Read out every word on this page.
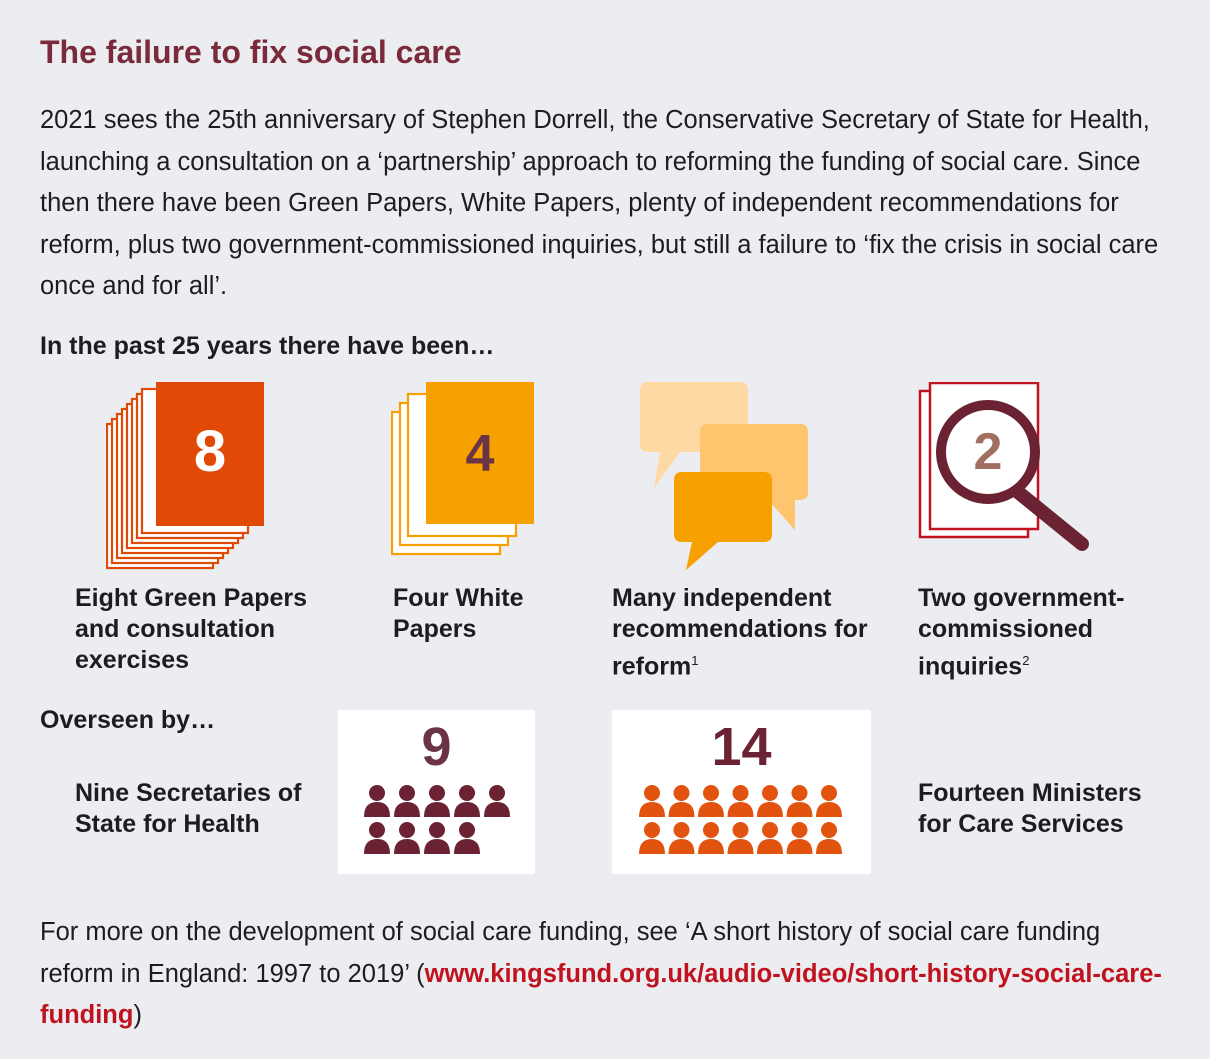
The failure to fix social care

2021 sees the 25th anniversary of Stephen Dorrell, the Conservative Secretary of State for Health, launching a consultation on a ‘partnership’ approach to reforming the funding of social care. Since then there have been Green Papers, White Papers, plenty of independent recommendations for reform, plus two government-commissioned inquiries, but still a failure to ‘fix the crisis in social care once and for all’.

In the past 25 years there have been…
8
Eight Green Papers and consultation exercises
4
Four White Papers
Many independent recommendations for reform$^1$
2
Two government-commissioned inquiries$^2$
Overseen by…
Nine Secretaries of State for Health
9	14
Fourteen Ministers for Care Services
For more on the development of social care funding, see ‘A short history of social care funding reform in England: 1997 to 2019’ (www.kingsfund.org.uk/audio-video/short-history-social-care-funding)
